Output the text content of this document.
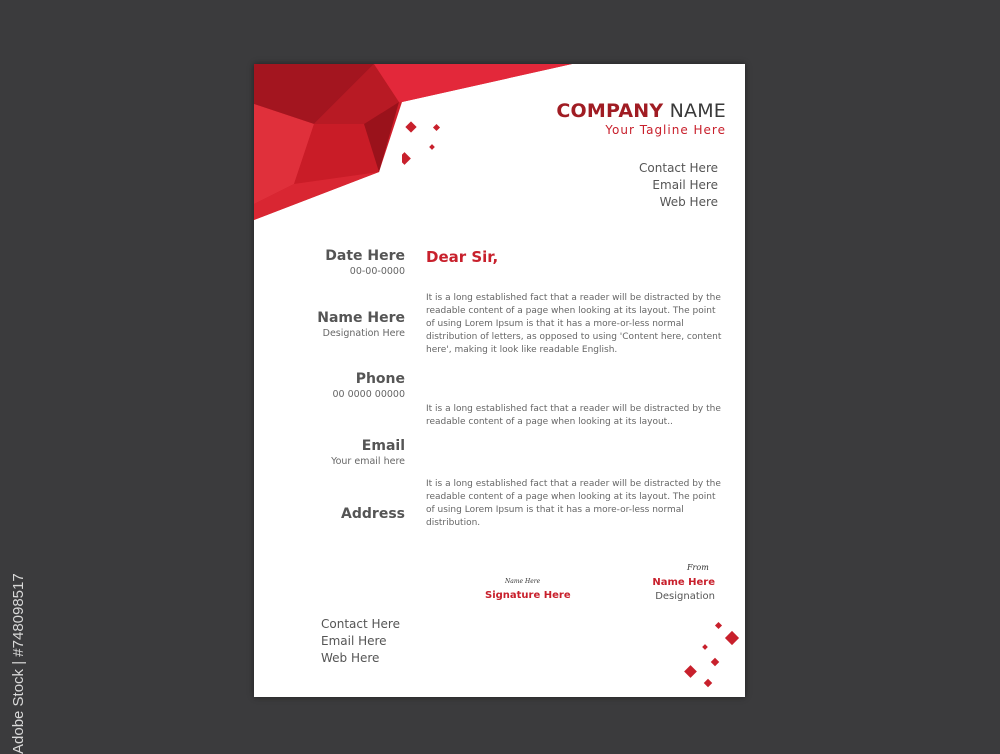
Adobe Stock | #748098517
COMPANY NAME
Your Tagline Here
Contact Here
Email Here
Web Here
Date Here
00-00-0000
Name Here
Designation Here
Phone
00 0000 00000
Email
Your email here
Address
Dear Sir,
It is a long established fact that a reader will be distracted by the readable content of a page when looking at its layout. The point of using Lorem Ipsum is that it has a more-or-less normal distribution of letters, as opposed to using 'Content here, content here', making it look like readable English.
It is a long established fact that a reader will be distracted by the readable content of a page when looking at its layout..
It is a long established fact that a reader will be distracted by the readable content of a page when looking at its layout. The point of using Lorem Ipsum is that it has a more-or-less normal distribution.
Name Here
Signature Here
From
Name Here
Designation
Contact Here
Email Here
Web Here
